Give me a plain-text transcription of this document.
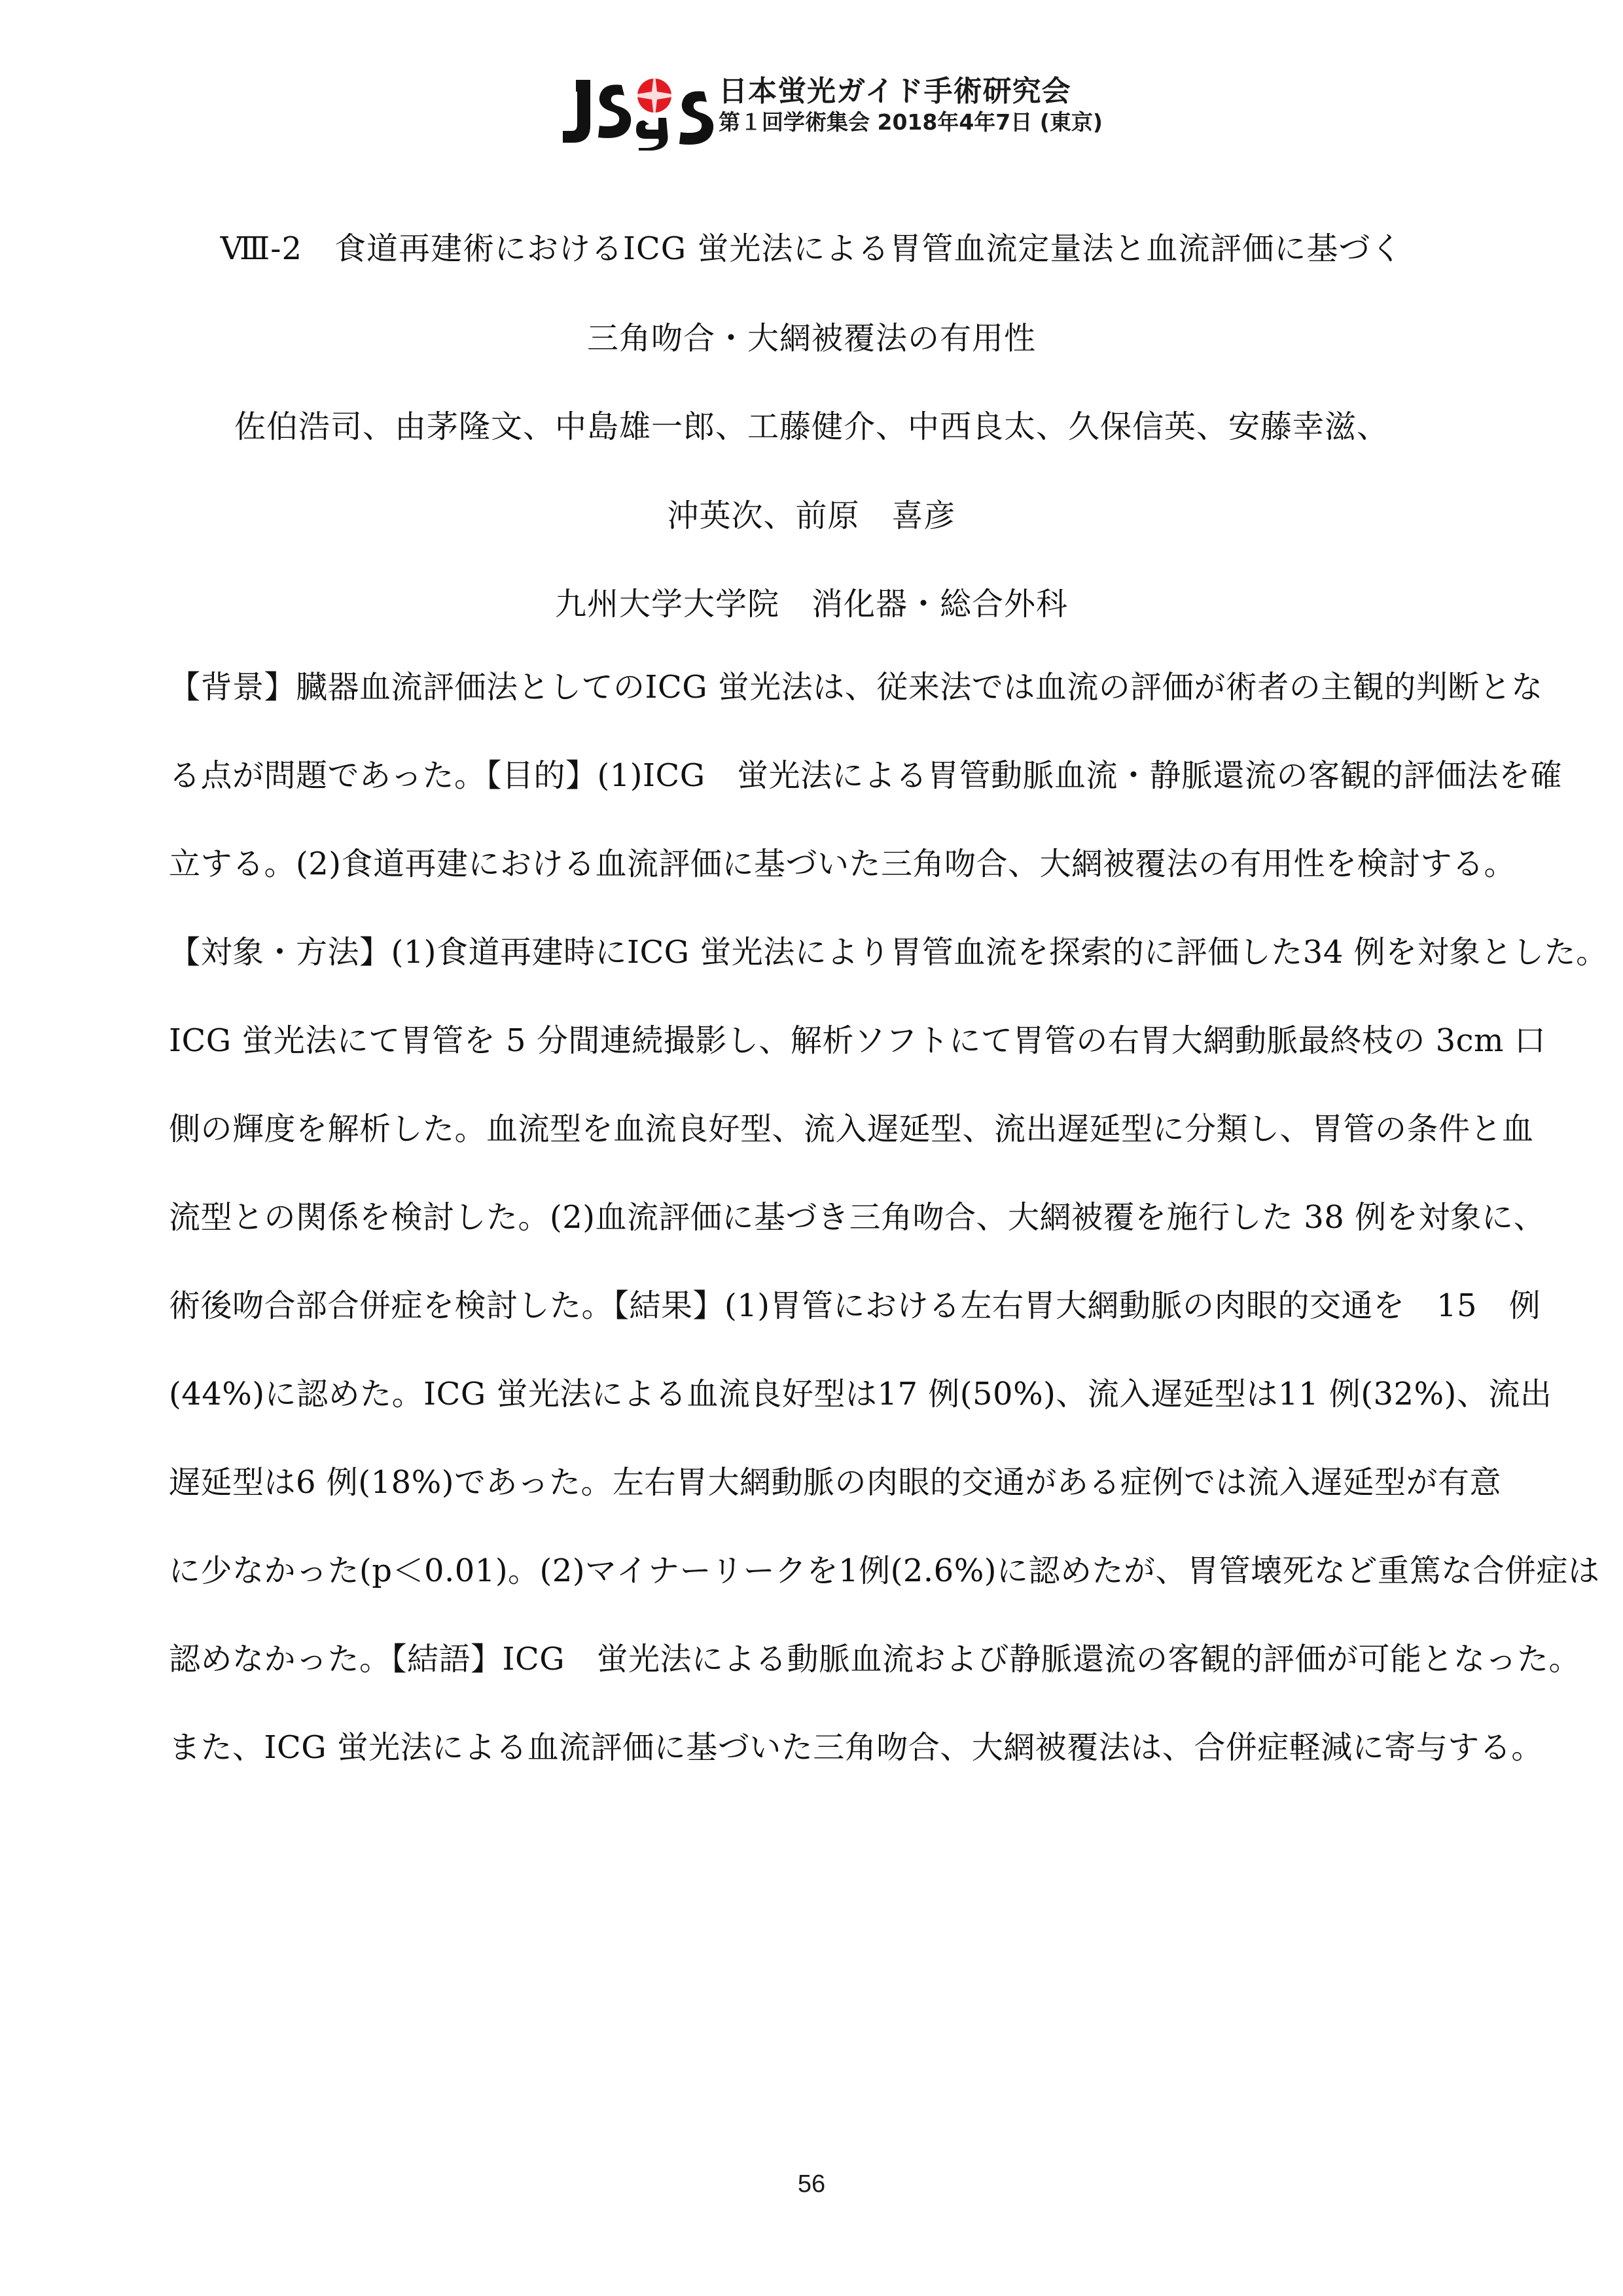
日本蛍光ガイド手術研究会
第１回学術集会 2018年4年7日 (東京)
Ⅷ-2　食道再建術におけるICG 蛍光法による胃管血流定量法と血流評価に基づく
三角吻合・大網被覆法の有用性
佐伯浩司、由茅隆文、中島雄一郎、工藤健介、中西良太、久保信英、安藤幸滋、
沖英次、前原　喜彦
九州大学大学院　消化器・総合外科
【背景】臓器血流評価法としてのICG 蛍光法は、従来法では血流の評価が術者の主観的判断とな
る点が問題であった。【目的】(1)ICG　蛍光法による胃管動脈血流・静脈還流の客観的評価法を確
立する。(2)食道再建における血流評価に基づいた三角吻合、大網被覆法の有用性を検討する。
【対象・方法】(1)食道再建時にICG 蛍光法により胃管血流を探索的に評価した34 例を対象とした。
ICG 蛍光法にて胃管を 5 分間連続撮影し、解析ソフトにて胃管の右胃大網動脈最終枝の 3cm 口
側の輝度を解析した。血流型を血流良好型、流入遅延型、流出遅延型に分類し、胃管の条件と血
流型との関係を検討した。(2)血流評価に基づき三角吻合、大網被覆を施行した 38 例を対象に、
術後吻合部合併症を検討した。【結果】(1)胃管における左右胃大網動脈の肉眼的交通を　15　例
(44%)に認めた。ICG 蛍光法による血流良好型は17 例(50%)、流入遅延型は11 例(32%)、流出
遅延型は6 例(18%)であった。左右胃大網動脈の肉眼的交通がある症例では流入遅延型が有意
に少なかった(p＜0.01)。(2)マイナーリークを1例(2.6%)に認めたが、胃管壊死など重篤な合併症は
認めなかった。【結語】ICG　蛍光法による動脈血流および静脈還流の客観的評価が可能となった。
また、ICG 蛍光法による血流評価に基づいた三角吻合、大網被覆法は、合併症軽減に寄与する。
56
